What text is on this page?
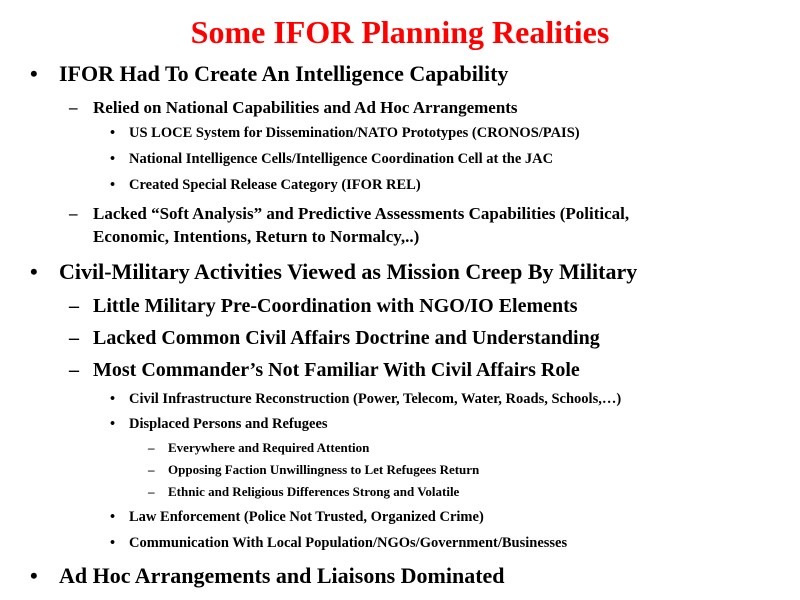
Some IFOR Planning Realities
• IFOR Had To Create An Intelligence Capability
– Relied on National Capabilities and Ad Hoc Arrangements
• US LOCE System for Dissemination/NATO Prototypes (CRONOS/PAIS)
• National Intelligence Cells/Intelligence Coordination Cell at the JAC
• Created Special Release Category (IFOR REL)
– Lacked “Soft Analysis” and Predictive Assessments Capabilities (Political,
Economic, Intentions, Return to Normalcy,..)
• Civil-Military Activities Viewed as Mission Creep By Military
– Little Military Pre-Coordination with NGO/IO Elements
– Lacked Common Civil Affairs Doctrine and Understanding
– Most Commander’s Not Familiar With Civil Affairs Role
• Civil Infrastructure Reconstruction (Power, Telecom, Water, Roads, Schools,…)
• Displaced Persons and Refugees
– Everywhere and Required Attention
– Opposing Faction Unwillingness to Let Refugees Return
– Ethnic and Religious Differences Strong and Volatile
• Law Enforcement (Police Not Trusted, Organized Crime)
• Communication With Local Population/NGOs/Government/Businesses
• Ad Hoc Arrangements and Liaisons Dominated
